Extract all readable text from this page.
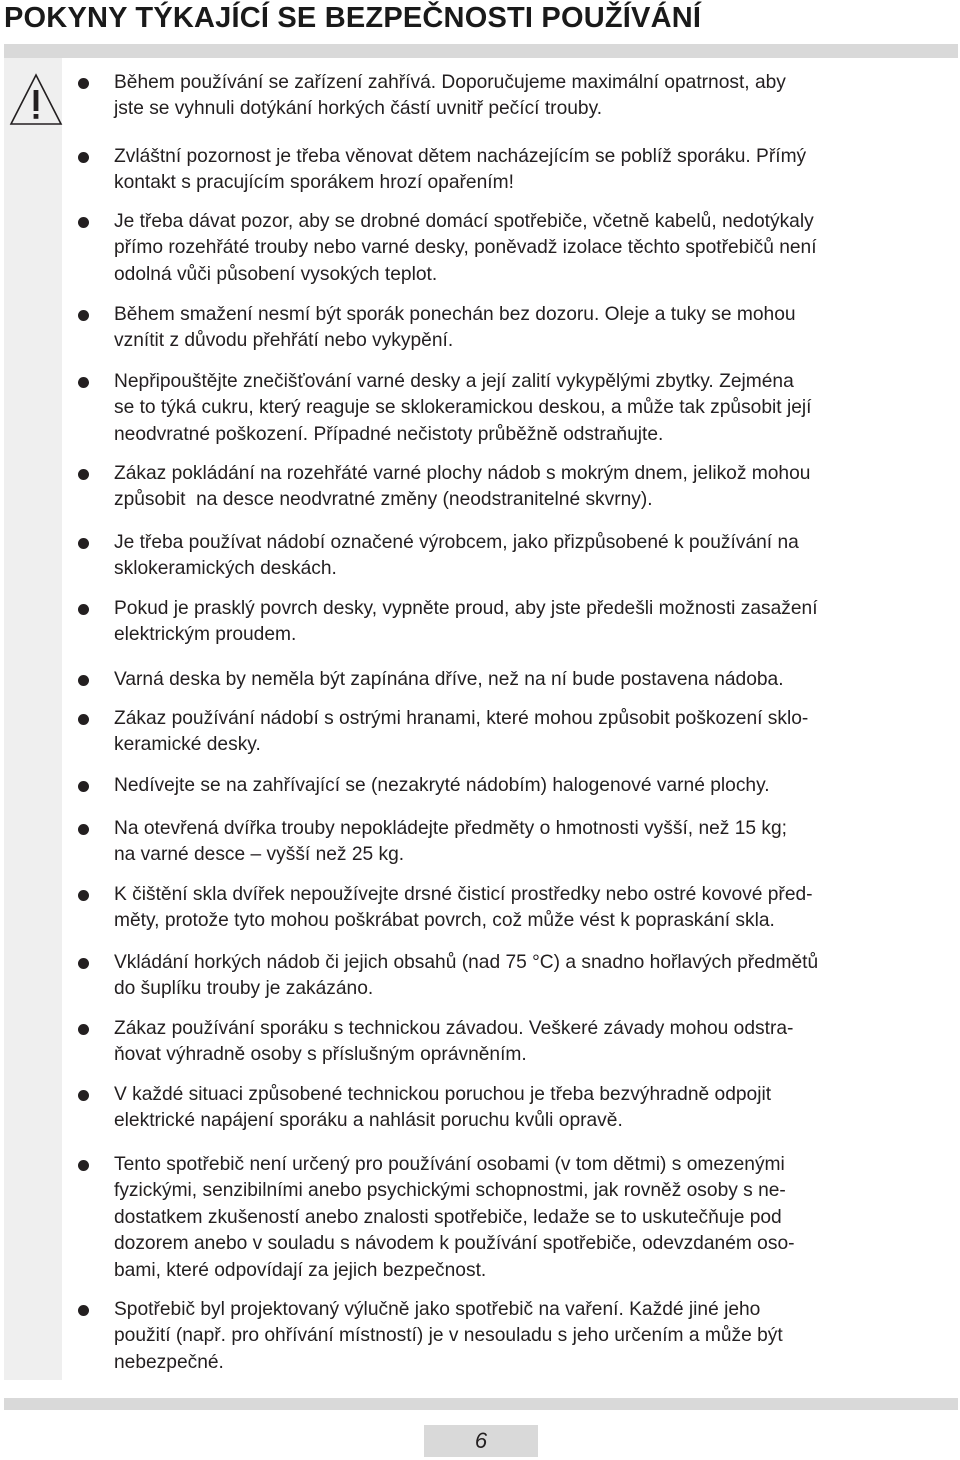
POKYNY TÝKAJÍCÍ SE BEZPEČNOSTI POUŽÍVÁNÍ
Během používání se zařízení zahřívá. Doporučujeme maximální opatrnost, aby
jste se vyhnuli dotýkání horkých částí uvnitř pečící trouby.
Zvláštní pozornost je třeba věnovat dětem nacházejícím se poblíž sporáku. Přímý
kontakt s pracujícím sporákem hrozí opařením!
Je třeba dávat pozor, aby se drobné domácí spotřebiče, včetně kabelů, nedotýkaly
přímo rozehřáté trouby nebo varné desky, poněvadž izolace těchto spotřebičů není
odolná vůči působení vysokých teplot.
Během smažení nesmí být sporák ponechán bez dozoru. Oleje a tuky se mohou
vznítit z důvodu přehřátí nebo vykypění.
Nepřipouštějte znečišťování varné desky a její zalití vykypělými zbytky. Zejména
se to týká cukru, který reaguje se sklokeramickou deskou, a může tak způsobit její
neodvratné poškození. Případné nečistoty průběžně odstraňujte.
Zákaz pokládání na rozehřáté varné plochy nádob s mokrým dnem, jelikož mohou
způsobit  na desce neodvratné změny (neodstranitelné skvrny).
Je třeba používat nádobí označené výrobcem, jako přizpůsobené k používání na
sklokeramických deskách.
Pokud je prasklý povrch desky, vypněte proud, aby jste předešli možnosti zasažení
elektrickým proudem.
Varná deska by neměla být zapínána dříve, než na ní bude postavena nádoba.
Zákaz používání nádobí s ostrými hranami, které mohou způsobit poškození sklo-
keramické desky.
Nedívejte se na zahřívající se (nezakryté nádobím) halogenové varné plochy.
Na otevřená dvířka trouby nepokládejte předměty o hmotnosti vyšší, než 15 kg;
na varné desce – vyšší než 25 kg.
K čištění skla dvířek nepoužívejte drsné čisticí prostředky nebo ostré kovové před-
měty, protože tyto mohou poškrábat povrch, což může vést k popraskání skla.
Vkládání horkých nádob či jejich obsahů (nad 75 °C) a snadno hořlavých předmětů
do šuplíku trouby je zakázáno.
Zákaz používání sporáku s technickou závadou. Veškeré závady mohou odstra-
ňovat výhradně osoby s příslušným oprávněním.
V každé situaci způsobené technickou poruchou je třeba bezvýhradně odpojit
elektrické napájení sporáku a nahlásit poruchu kvůli opravě.
Tento spotřebič není určený pro používání osobami (v tom dětmi) s omezenými
fyzickými, senzibilními anebo psychickými schopnostmi, jak rovněž osoby s ne-
dostatkem zkušeností anebo znalosti spotřebiče, ledaže se to uskutečňuje pod
dozorem anebo v souladu s návodem k používání spotřebiče, odevzdaném oso-
bami, které odpovídají za jejich bezpečnost.
Spotřebič byl projektovaný výlučně jako spotřebič na vaření. Každé jiné jeho
použití (např. pro ohřívání místností) je v nesouladu s jeho určením a může být
nebezpečné.
6
